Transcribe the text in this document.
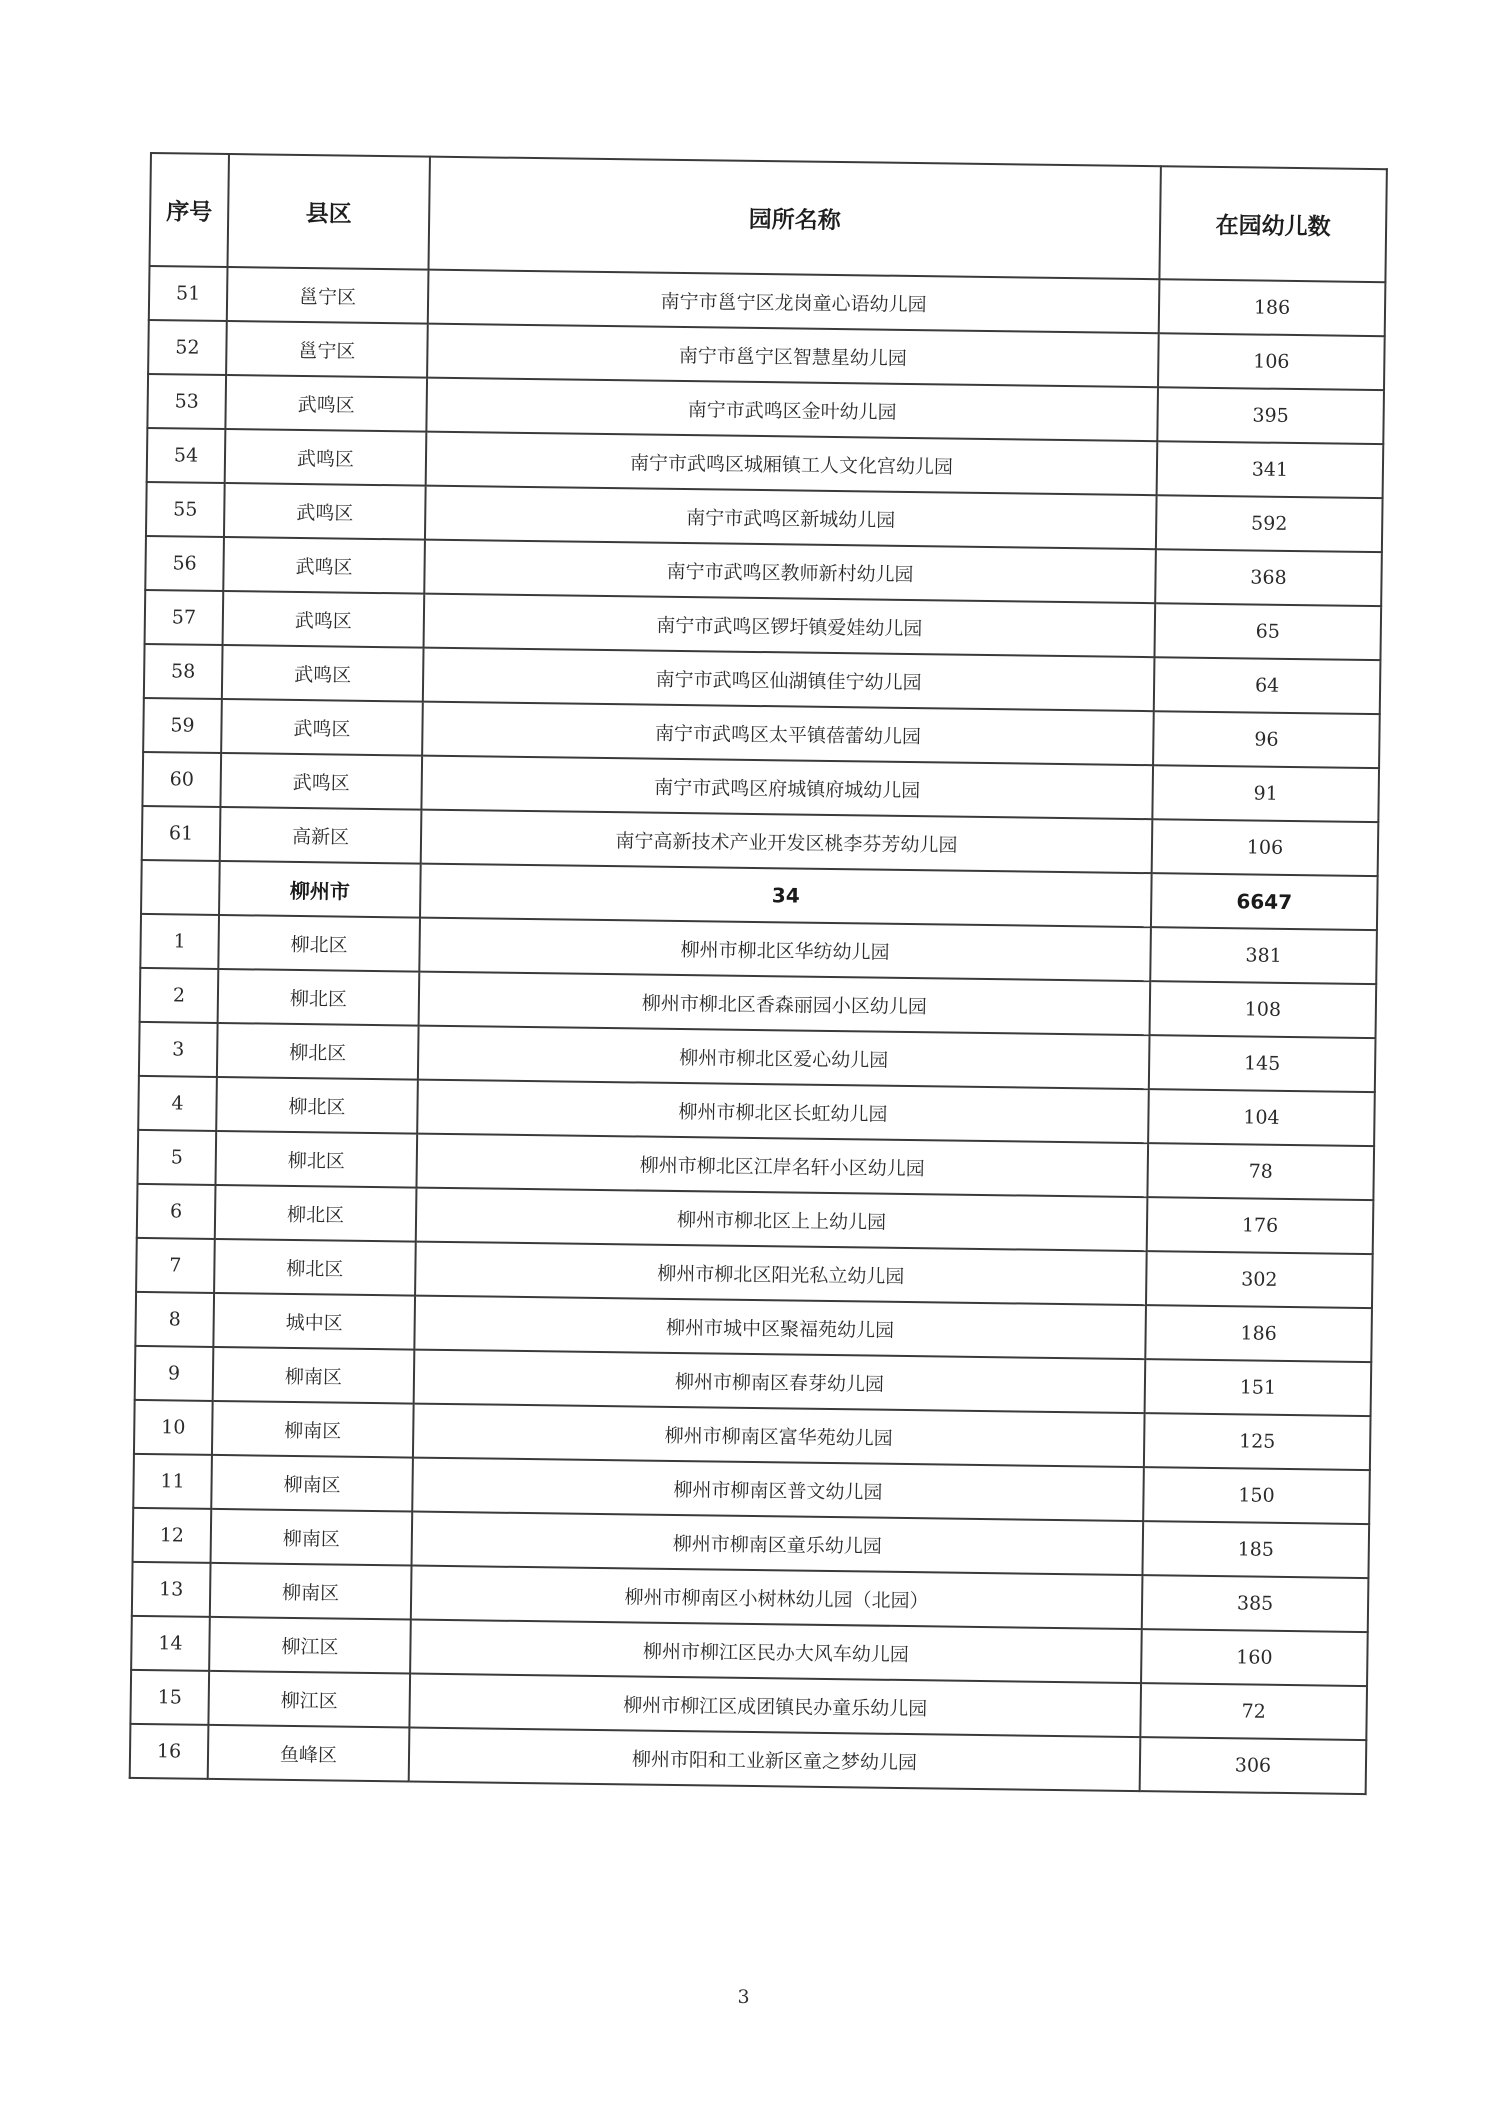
序号	县区	园所名称	在园幼儿数
51	邕宁区	南宁市邕宁区龙岗童心语幼儿园	186
52	邕宁区	南宁市邕宁区智慧星幼儿园	106
53	武鸣区	南宁市武鸣区金叶幼儿园	395
54	武鸣区	南宁市武鸣区城厢镇工人文化宫幼儿园	341
55	武鸣区	南宁市武鸣区新城幼儿园	592
56	武鸣区	南宁市武鸣区教师新村幼儿园	368
57	武鸣区	南宁市武鸣区锣圩镇爱娃幼儿园	65
58	武鸣区	南宁市武鸣区仙湖镇佳宁幼儿园	64
59	武鸣区	南宁市武鸣区太平镇蓓蕾幼儿园	96
60	武鸣区	南宁市武鸣区府城镇府城幼儿园	91
61	高新区	南宁高新技术产业开发区桃李芬芳幼儿园	106
	柳州市	34	6647
1	柳北区	柳州市柳北区华纺幼儿园	381
2	柳北区	柳州市柳北区香森丽园小区幼儿园	108
3	柳北区	柳州市柳北区爱心幼儿园	145
4	柳北区	柳州市柳北区长虹幼儿园	104
5	柳北区	柳州市柳北区江岸名轩小区幼儿园	78
6	柳北区	柳州市柳北区上上幼儿园	176
7	柳北区	柳州市柳北区阳光私立幼儿园	302
8	城中区	柳州市城中区聚福苑幼儿园	186
9	柳南区	柳州市柳南区春芽幼儿园	151
10	柳南区	柳州市柳南区富华苑幼儿园	125
11	柳南区	柳州市柳南区普文幼儿园	150
12	柳南区	柳州市柳南区童乐幼儿园	185
13	柳南区	柳州市柳南区小树林幼儿园（北园）	385
14	柳江区	柳州市柳江区民办大风车幼儿园	160
15	柳江区	柳州市柳江区成团镇民办童乐幼儿园	72
16	鱼峰区	柳州市阳和工业新区童之梦幼儿园	306
3
